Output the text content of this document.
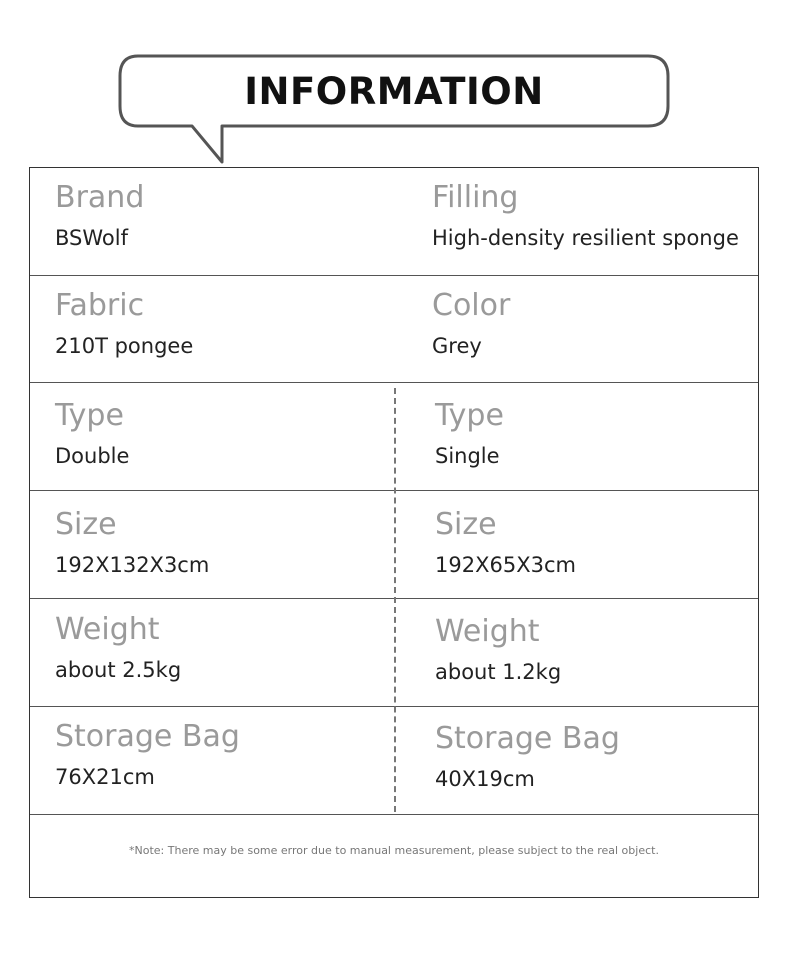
INFORMATION
Brand
BSWolf
Filling
High-density resilient sponge
Fabric
210T pongee
Color
Grey
Type
Double
Type
Single
Size
192X132X3cm
Size
192X65X3cm
Weight
about 2.5kg
Weight
about 1.2kg
Storage Bag
76X21cm
Storage Bag
40X19cm
*Note: There may be some error due to manual measurement, please subject to the real object.
